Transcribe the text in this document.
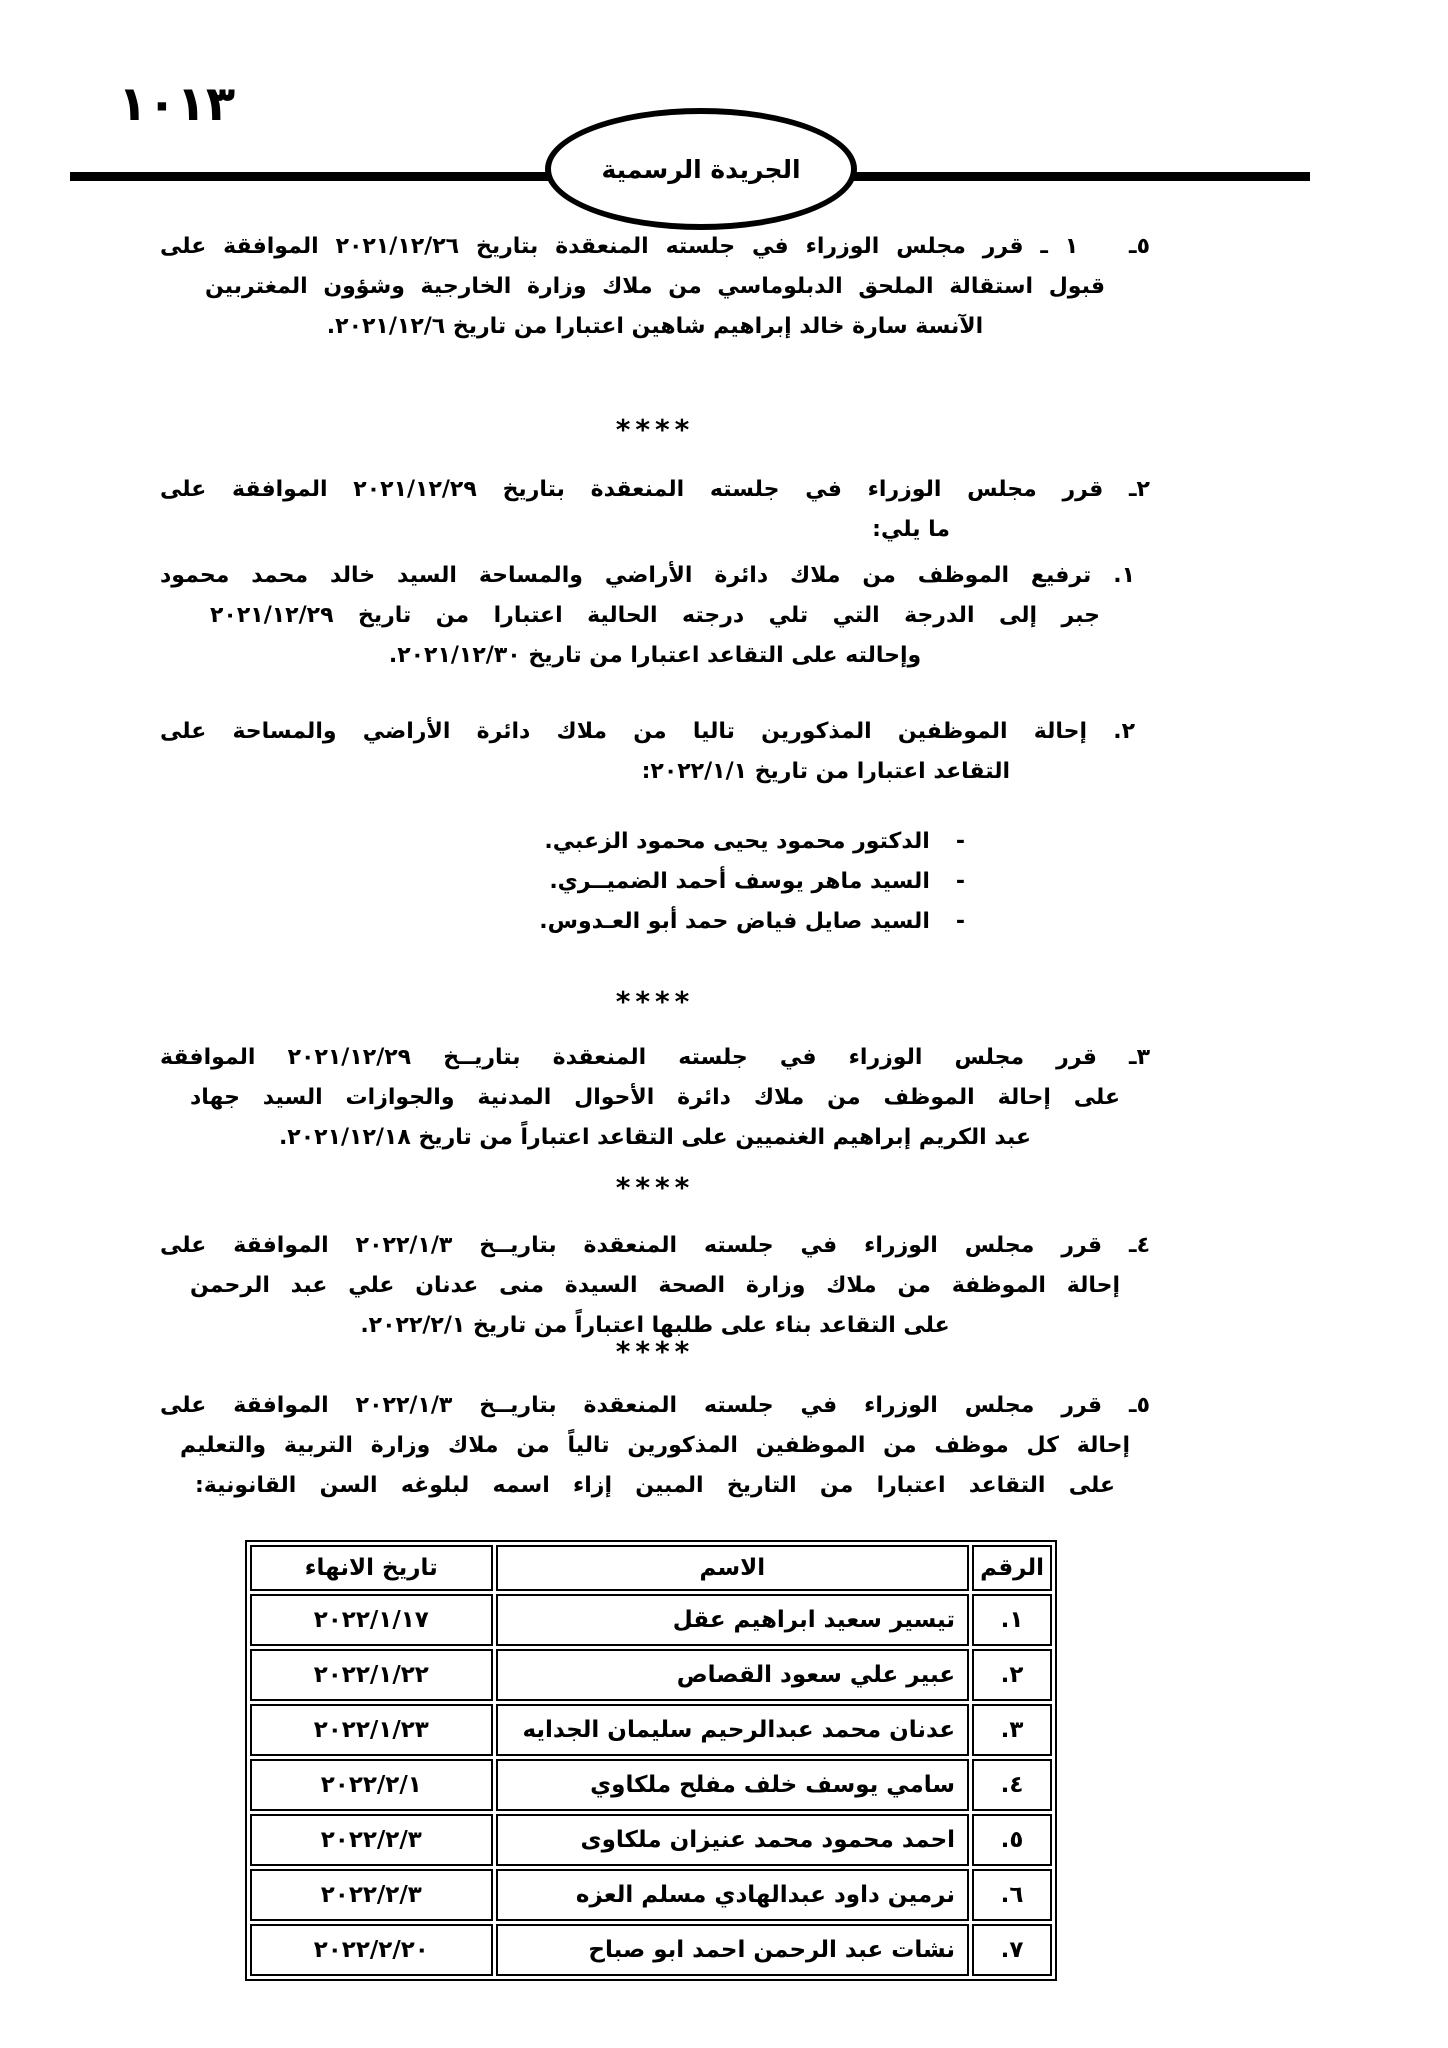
١٠١٣
الجريدة الرسمية
٥ـ   ١ ـ قرر مجلس الوزراء في جلسته المنعقدة بتاريخ ٢٠٢١/١٢/٢٦ الموافقة على
قبول استقالة الملحق الدبلوماسي من ملاك وزارة الخارجية وشؤون المغتربين
الآنسة سارة خالد إبراهيم شاهين اعتبارا من تاريخ ٢٠٢١/١٢/٦.
****
٢ـ قرر مجلس الوزراء في جلسته المنعقدة بتاريخ ٢٠٢١/١٢/٢٩ الموافقة على
ما يلي:
١. ترفيع الموظف من ملاك دائرة الأراضي والمساحة السيد خالد محمد محمود
جبر إلى الدرجة التي تلي درجته الحالية اعتبارا من تاريخ ٢٠٢١/١٢/٢٩
وإحالته على التقاعد اعتبارا من تاريخ ٢٠٢١/١٢/٣٠.
٢. إحالة الموظفين المذكورين تاليا من ملاك دائرة الأراضي والمساحة على
التقاعد اعتبارا من تاريخ ٢٠٢٢/١/١:
-الدكتور محمود يحيى محمود الزعبي.
-السيد ماهر يوسف أحمد الضميــري.
-السيد صايل فياض حمد أبو العـدوس.
****
٣ـ قرر مجلس الوزراء في جلسته المنعقدة بتاريــخ ٢٠٢١/١٢/٢٩ الموافقة
على إحالة الموظف من ملاك دائرة الأحوال المدنية والجوازات السيد جهاد
عبد الكريم إبراهيم الغنميين على التقاعد اعتباراً من تاريخ ٢٠٢١/١٢/١٨.
****
٤ـ قرر مجلس الوزراء في جلسته المنعقدة بتاريــخ ٢٠٢٢/١/٣ الموافقة على
إحالة الموظفة من ملاك وزارة الصحة السيدة منى عدنان علي عبد الرحمن
على التقاعد بناء على طلبها اعتباراً من تاريخ ٢٠٢٢/٢/١.
****
٥ـ قرر مجلس الوزراء في جلسته المنعقدة بتاريــخ ٢٠٢٢/١/٣ الموافقة على
إحالة كل موظف من الموظفين المذكورين تالياً من ملاك وزارة التربية والتعليم
على التقاعد اعتبارا من التاريخ المبين إزاء اسمه لبلوغه السن القانونية:
الرقم	الاسم	تاريخ الانهاء
١.	تيسير سعيد ابراهيم عقل	٢٠٢٢/١/١٧
٢.	عبير علي سعود القصاص	٢٠٢٢/١/٢٢
٣.	عدنان محمد عبدالرحيم سليمان الجدايه	٢٠٢٢/١/٢٣
٤.	سامي يوسف خلف مفلح ملكاوي	٢٠٢٢/٢/١
٥.	احمد محمود محمد عنيزان ملكاوى	٢٠٢٢/٢/٣
٦.	نرمين داود عبدالهادي مسلم العزه	٢٠٢٢/٢/٣
٧.	نشات عبد الرحمن احمد ابو صباح	٢٠٢٢/٢/٢٠
